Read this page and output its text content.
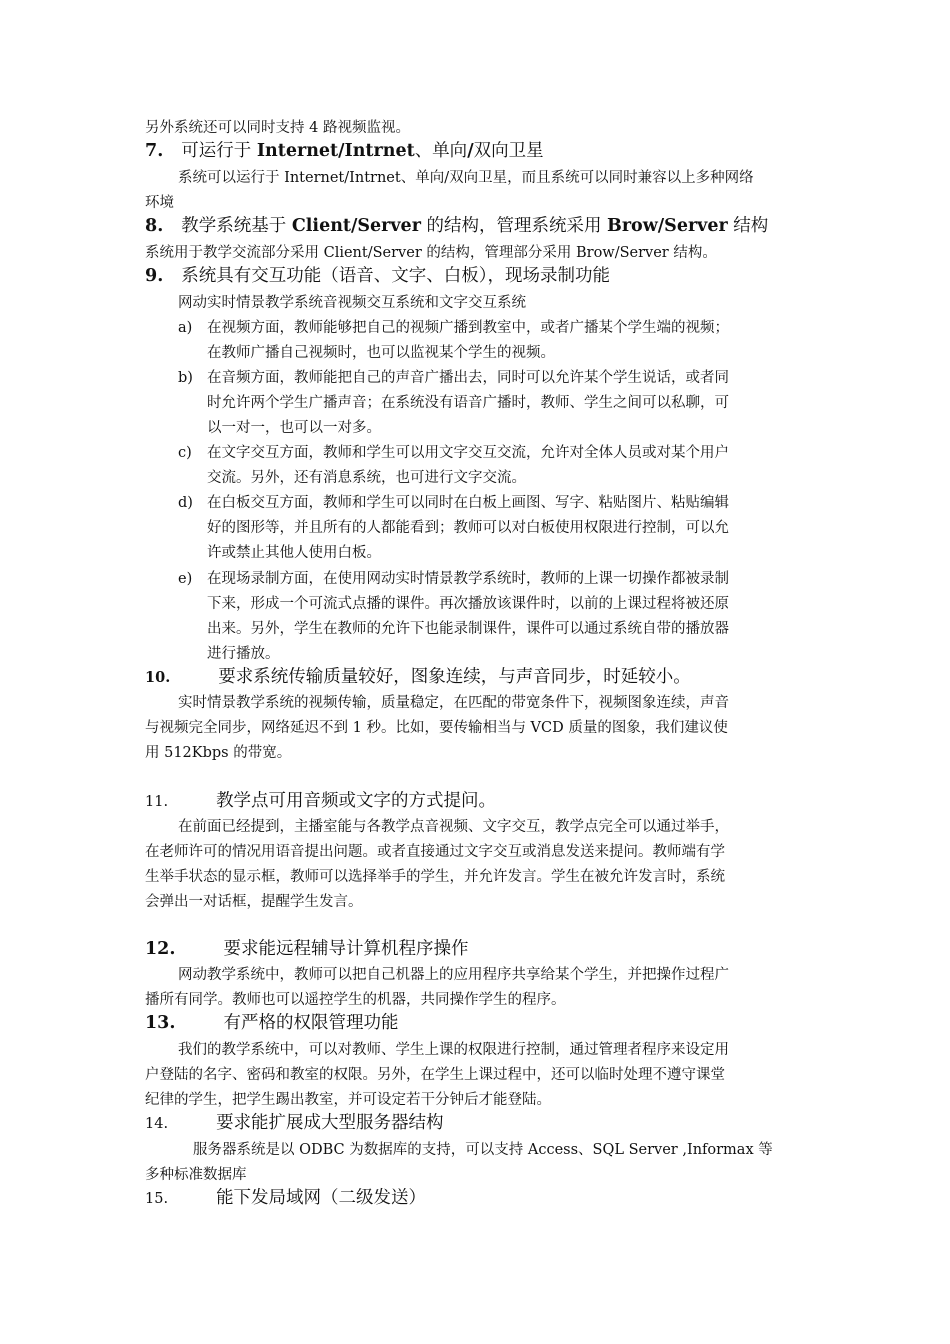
另外系统还可以同时支持 4 路视频监视。
7. 可运行于 Internet/Intrnet、单向/双向卫星
系统可以运行于 Internet/Intrnet、单向/双向卫星，而且系统可以同时兼容以上多种网络
环境
8. 教学系统基于 Client/Server 的结构，管理系统采用 Brow/Server 结构
系统用于教学交流部分采用 Client/Server 的结构，管理部分采用 Brow/Server 结构。
9. 系统具有交互功能（语音、文字、白板），现场录制功能
网动实时情景教学系统音视频交互系统和文字交互系统
a) 在视频方面，教师能够把自己的视频广播到教室中，或者广播某个学生端的视频；
在教师广播自己视频时，也可以监视某个学生的视频。
b) 在音频方面，教师能把自己的声音广播出去，同时可以允许某个学生说话，或者同
时允许两个学生广播声音；在系统没有语音广播时，教师、学生之间可以私聊，可
以一对一，也可以一对多。
c) 在文字交互方面，教师和学生可以用文字交互交流，允许对全体人员或对某个用户
交流。另外，还有消息系统，也可进行文字交流。
d) 在白板交互方面，教师和学生可以同时在白板上画图、写字、粘贴图片、粘贴编辑
好的图形等，并且所有的人都能看到；教师可以对白板使用权限进行控制，可以允
许或禁止其他人使用白板。
e) 在现场录制方面，在使用网动实时情景教学系统时，教师的上课一切操作都被录制
下来，形成一个可流式点播的课件。再次播放该课件时，以前的上课过程将被还原
出来。另外，学生在教师的允许下也能录制课件，课件可以通过系统自带的播放器
进行播放。
10.	要求系统传输质量较好，图象连续，与声音同步，时延较小。
实时情景教学系统的视频传输，质量稳定，在匹配的带宽条件下，视频图象连续，声音
与视频完全同步，网络延迟不到 1 秒。比如，要传输相当与 VCD 质量的图象，我们建议使
用 512Kbps 的带宽。
11.	教学点可用音频或文字的方式提问。
在前面已经提到，主播室能与各教学点音视频、文字交互，教学点完全可以通过举手，
在老师许可的情况用语音提出问题。或者直接通过文字交互或消息发送来提问。教师端有学
生举手状态的显示框，教师可以选择举手的学生，并允许发言。学生在被允许发言时，系统
会弹出一对话框，提醒学生发言。
12.	要求能远程辅导计算机程序操作
网动教学系统中，教师可以把自己机器上的应用程序共享给某个学生，并把操作过程广
播所有同学。教师也可以遥控学生的机器，共同操作学生的程序。
13.	有严格的权限管理功能
我们的教学系统中，可以对教师、学生上课的权限进行控制，通过管理者程序来设定用
户登陆的名字、密码和教室的权限。另外，在学生上课过程中，还可以临时处理不遵守课堂
纪律的学生，把学生踢出教室，并可设定若干分钟后才能登陆。
14.	要求能扩展成大型服务器结构
服务器系统是以 ODBC 为数据库的支持，可以支持 Access、SQL Server ,Informax 等
多种标准数据库
15.	能下发局域网（二级发送）
